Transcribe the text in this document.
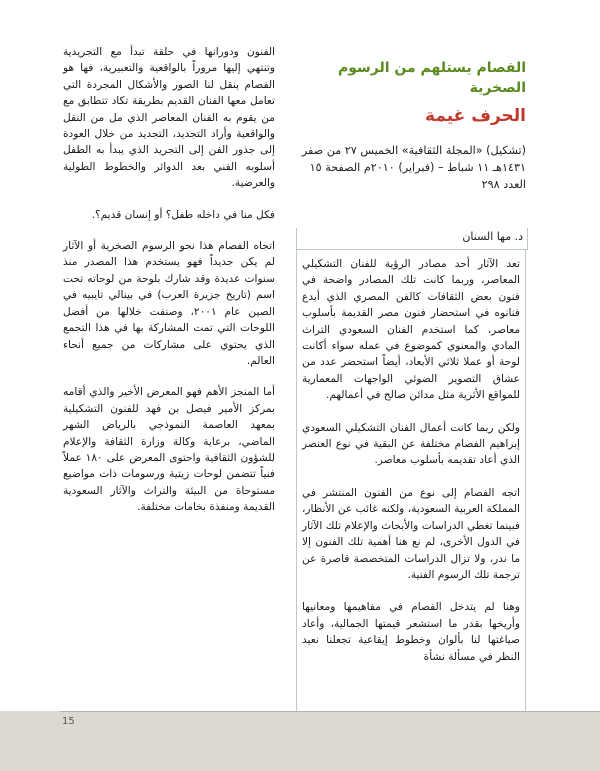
الفصام يستلهم من الرسوم الصخرية
الحرف غيمة

(تشكيل) «المجلة الثقافية» الخميس ٢٧ من صفر ١٤٣١هـ ١١ شباط – (فبراير) ٢٠١٠م الصفحة ١٥ العدد ٢٩٨

د. مها السنان

تعد الآثار أحد مصادر الرؤية للفنان التشكيلي المعاصر، وربما كانت تلك المصادر واضحة في فنون بعض الثقافات كالفن المصري الذي أبدع فنانوه في استحضار فنون مصر القديمة بأسلوب معاصر، كما استخدم الفنان السعودي التراث المادي والمعنوي كموضوع في عمله سواء أكانت لوحة أو عملا ثلاثي الأبعاد، أيضاً استحضر عدد من عشاق التصوير الضوئي الواجهات المعمارية للمواقع الأثرية مثل مدائن صالح في أعمالهم.

ولكن ربما كانت أعمال الفنان التشكيلي السعودي إبراهيم الفصام مختلفة عن البقية في نوع العنصر الذي أعاد تقديمه بأسلوب معاصر.

اتجه الفصام إلى نوع من الفنون المنتشر في المملكة العربية السعودية، ولكنه غائب عن الأنظار، فبينما تغطي الدراسات والأبحاث والإعلام تلك الآثار في الدول الأخرى، لم نع هنا أهمية تلك الفنون إلا ما ندر، ولا تزال الدراسات المتخصصة قاصرة عن ترجمة تلك الرسوم الفنية.

وهنا لم يتدخل الفصام في مفاهيمها ومعانيها وأريخها بقدر ما استشعر قيمتها الجمالية، وأعاد صياغتها لنا بألوان وخطوط إيقاعية تجعلنا نعيد النظر في مسألة نشأة

الفنون ودورانها في حلقة تبدأ مع التجريدية وتنتهي إليها مروراً بالواقعية والتعبيرية، فها هو الفصام ينقل لنا الصور والأشكال المجردة التي تعامل معها الفنان القديم بطريقة تكاد تتطابق مع من يقوم به الفنان المعاصر الذي مل من النقل والواقعية وأراد التجديد، التجديد من خلال العودة إلى جذور الفن إلى التجريد الذي يبدأ به الطفل أسلوبه الفني بعد الدوائر والخطوط الطولية والعرضية.

فكل منا في داخله طفل؟ أو إنسان قديم؟.

اتجاه الفصام هذا نحو الرسوم الصخرية أو الآثار لم يكن جديداً فهو يستخدم هذا المصدر منذ سنوات عديدة وقد شارك بلوحة من لوحاته تحت اسم (تاريخ جزيرة العرب) في بينالي تايبيه في الصين عام ٢٠٠١، وصنفت خلالها من أفضل اللوحات التي تمت المشاركة بها في هذا التجمع الذي يحتوي على مشاركات من جميع أنحاء العالم.

أما المنجز الأهم فهو المعرض الأخير والذي أقامه بمركز الأمير فيصل بن فهد للفنون التشكيلية بمعهد العاصمة النموذجي بالرياض الشهر الماضي، برعاية وكالة وزارة الثقافة والإعلام للشؤون الثقافية واحتوى المعرض على ١٨٠ عملاً فنياً تتضمن لوحات زيتية ورسومات ذات مواضيع مستوحاة من البيئة والتراث والآثار السعودية القديمة ومنفذة بخامات مختلفة.

15
